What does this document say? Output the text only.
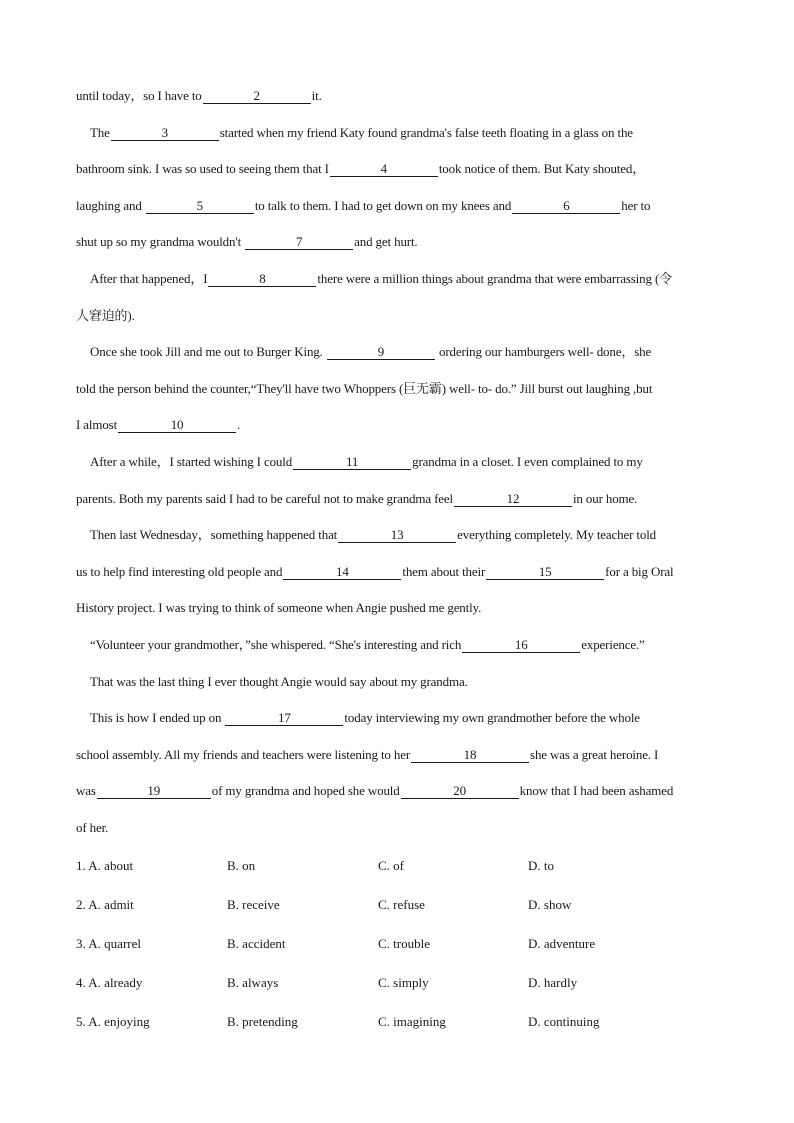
until today，so I have to	2	it.
The	3	started when my friend Katy found grandma's false teeth floating in a glass on the
bathroom sink. I was so used to seeing them that I	4	took notice of them. But Katy shouted，
laughing and	5	to talk to them. I had to get down on my knees and	6	her to
shut up so my grandma wouldn't	7	and get hurt.
After that happened，I	8	there were a million things about grandma that were embarrassing (令
人窘迫的).
Once she took Jill and me out to Burger King.	9	ordering our hamburgers well- done，she
told the person behind the counter,“They'll have two Whoppers (巨无霸) well- to- do.” Jill burst out laughing ,but
I almost	10	.
After a while，I started wishing I could	11	grandma in a closet. I even complained to my
parents. Both my parents said I had to be careful not to make grandma feel	12	in our home.
Then last Wednesday，something happened that	13	everything completely. My teacher told
us to help find interesting old people and	14	them about their	15	for a big Oral
History project. I was trying to think of someone when Angie pushed me gently.
“Volunteer your grandmother，”she whispered. “She's interesting and rich	16	experience.”
That was the last thing I ever thought Angie would say about my grandma.
This is how I ended up on	17	today interviewing my own grandmother before the whole
school assembly. All my friends and teachers were listening to her	18	she was a great heroine. I
was	19	of my grandma and hoped she would	20	know that I had been ashamed
of her.
1. A. about	B. on	C. of	D. to
2. A. admit	B. receive	C. refuse	D. show
3. A. quarrel	B. accident	C. trouble	D. adventure
4. A. already	B. always	C. simply	D. hardly
5. A. enjoying	B. pretending	C. imagining	D. continuing
